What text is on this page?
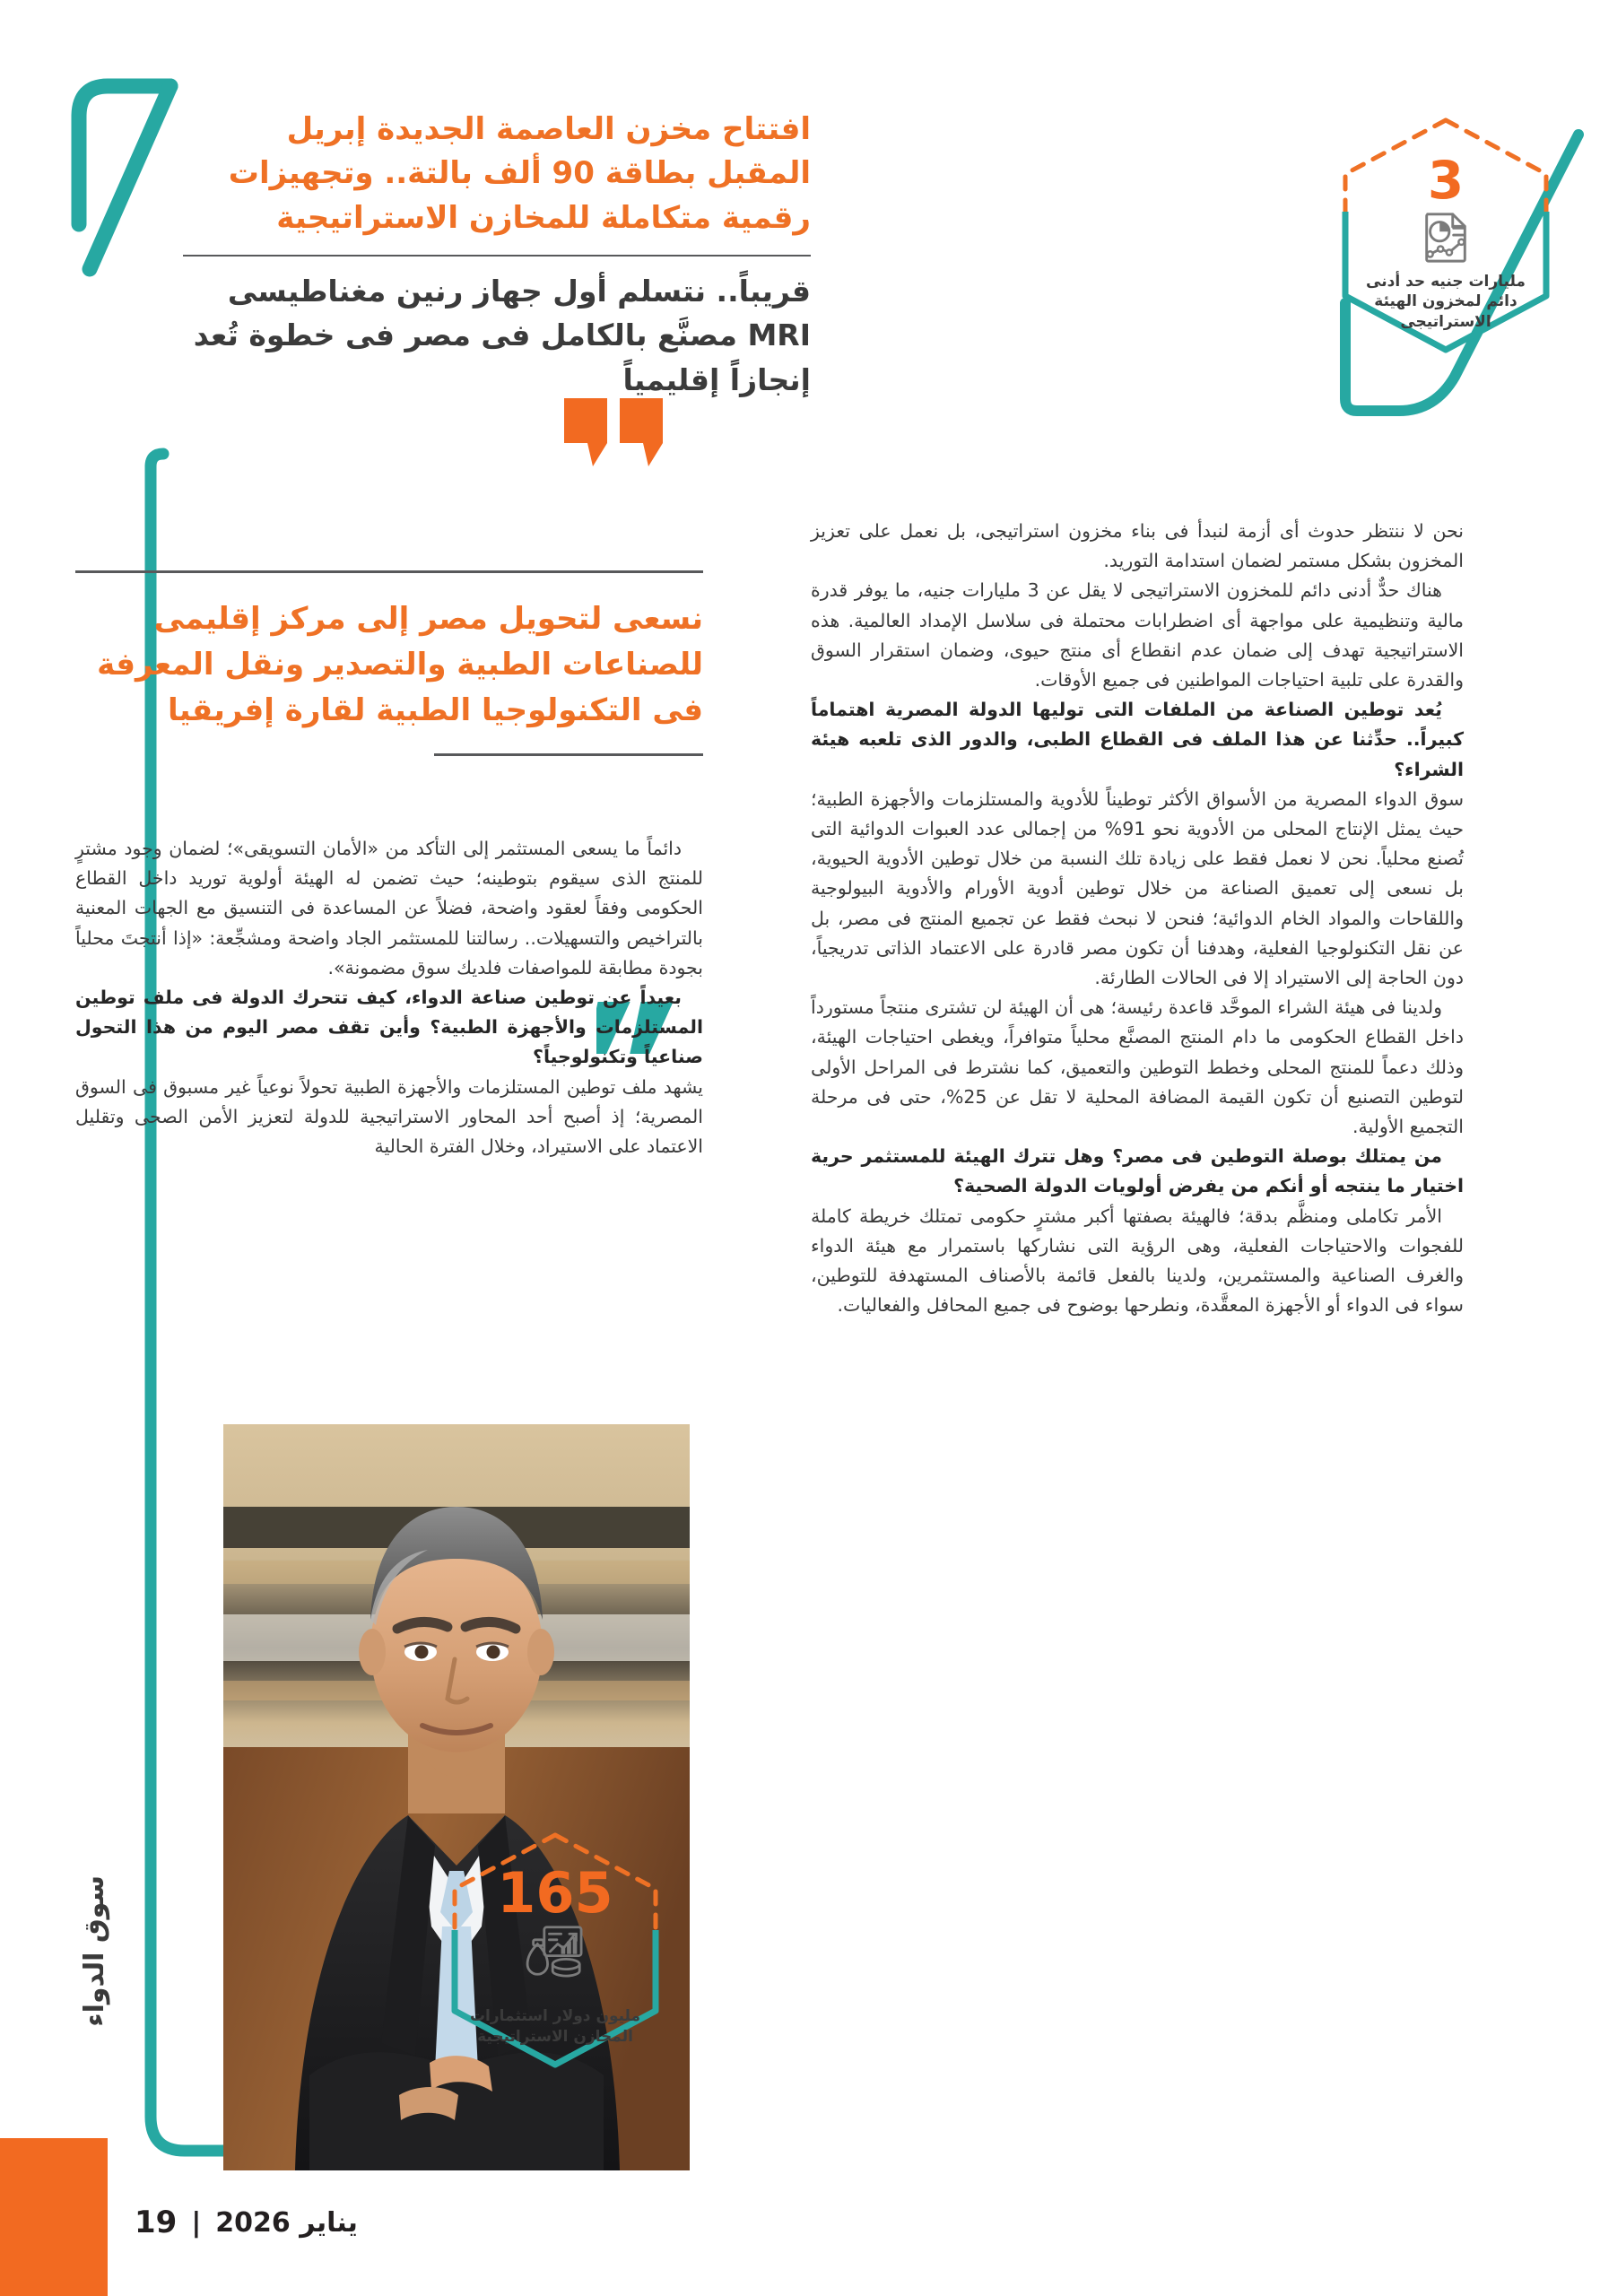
افتتاح مخزن العاصمة الجديدة إبريل المقبل بطاقة 90 ألف بالتة.. وتجهيزات رقمية متكاملة للمخازن الاستراتيجية
قريباً.. نتسلم أول جهاز رنين مغناطيسى MRI مصنَّع بالكامل فى مصر فى خطوة تُعد إنجازاً إقليمياً
3
مليارات جنيه حد أدنى دائم لمخزون الهيئة الاستراتيجى

نسعى لتحويل مصر إلى مركز إقليمى للصناعات الطبية والتصدير ونقل المعرفة فى التكنولوجيا الطبية لقارة إفريقيا

نحن لا ننتظر حدوث أى أزمة لنبدأ فى بناء مخزون استراتيجى، بل نعمل على تعزيز المخزون بشكل مستمر لضمان استدامة التوريد.

هناك حدٌّ أدنى دائم للمخزون الاستراتيجى لا يقل عن 3 مليارات جنيه، ما يوفر قدرة مالية وتنظيمية على مواجهة أى اضطرابات محتملة فى سلاسل الإمداد العالمية. هذه الاستراتيجية تهدف إلى ضمان عدم انقطاع أى منتج حيوى، وضمان استقرار السوق والقدرة على تلبية احتياجات المواطنين فى جميع الأوقات.

يُعد توطين الصناعة من الملفات التى توليها الدولة المصرية اهتماماً كبيراً.. حدِّثنا عن هذا الملف فى القطاع الطبى، والدور الذى تلعبه هيئة الشراء؟

سوق الدواء المصرية من الأسواق الأكثر توطيناً للأدوية والمستلزمات والأجهزة الطبية؛ حيث يمثل الإنتاج المحلى من الأدوية نحو 91% من إجمالى عدد العبوات الدوائية التى تُصنع محلياً. نحن لا نعمل فقط على زيادة تلك النسبة من خلال توطين الأدوية الحيوية، بل نسعى إلى تعميق الصناعة من خلال توطين أدوية الأورام والأدوية البيولوجية واللقاحات والمواد الخام الدوائية؛ فنحن لا نبحث فقط عن تجميع المنتج فى مصر، بل عن نقل التكنولوجيا الفعلية، وهدفنا أن تكون مصر قادرة على الاعتماد الذاتى تدريجياً، دون الحاجة إلى الاستيراد إلا فى الحالات الطارئة.

ولدينا فى هيئة الشراء الموحَّد قاعدة رئيسة؛ هى أن الهيئة لن تشترى منتجاً مستورداً داخل القطاع الحكومى ما دام المنتج المصنَّع محلياً متوافراً، ويغطى احتياجات الهيئة، وذلك دعماً للمنتج المحلى وخطط التوطين والتعميق، كما نشترط فى المراحل الأولى لتوطين التصنيع أن تكون القيمة المضافة المحلية لا تقل عن 25%، حتى فى مرحلة التجميع الأولية.

من يمتلك بوصلة التوطين فى مصر؟ وهل تترك الهيئة للمستثمر حرية اختيار ما ينتجه أو أنكم من يفرض أولويات الدولة الصحية؟

الأمر تكاملى ومنظَّم بدقة؛ فالهيئة بصفتها أكبر مشترٍ حكومى تمتلك خريطة كاملة للفجوات والاحتياجات الفعلية، وهى الرؤية التى نشاركها باستمرار مع هيئة الدواء والغرف الصناعية والمستثمرين، ولدينا بالفعل قائمة بالأصناف المستهدفة للتوطين، سواء فى الدواء أو الأجهزة المعقَّدة، ونطرحها بوضوح فى جميع المحافل والفعاليات.

دائماً ما يسعى المستثمر إلى التأكد من «الأمان التسويقى»؛ لضمان وجود مشترٍ للمنتج الذى سيقوم بتوطينه؛ حيث تضمن له الهيئة أولوية توريد داخل القطاع الحكومى وفقاً لعقود واضحة، فضلاً عن المساعدة فى التنسيق مع الجهات المعنية بالتراخيص والتسهيلات.. رسالتنا للمستثمر الجاد واضحة ومشجِّعة: «إذا أنتجتَ محلياً بجودة مطابقة للمواصفات فلديك سوق مضمونة».

بعيداً عن توطين صناعة الدواء، كيف تتحرك الدولة فى ملف توطين المستلزمات والأجهزة الطبية؟ وأين تقف مصر اليوم من هذا التحول صناعياً وتكنولوجياً؟

يشهد ملف توطين المستلزمات والأجهزة الطبية تحولاً نوعياً غير مسبوق فى السوق المصرية؛ إذ أصبح أحد المحاور الاستراتيجية للدولة لتعزيز الأمن الصحى وتقليل الاعتماد على الاستيراد، وخلال الفترة الحالية

165
مليون دولار استثمارات المخازن الاستراتيجية
سوق الدواء
يناير 2026
|
19
